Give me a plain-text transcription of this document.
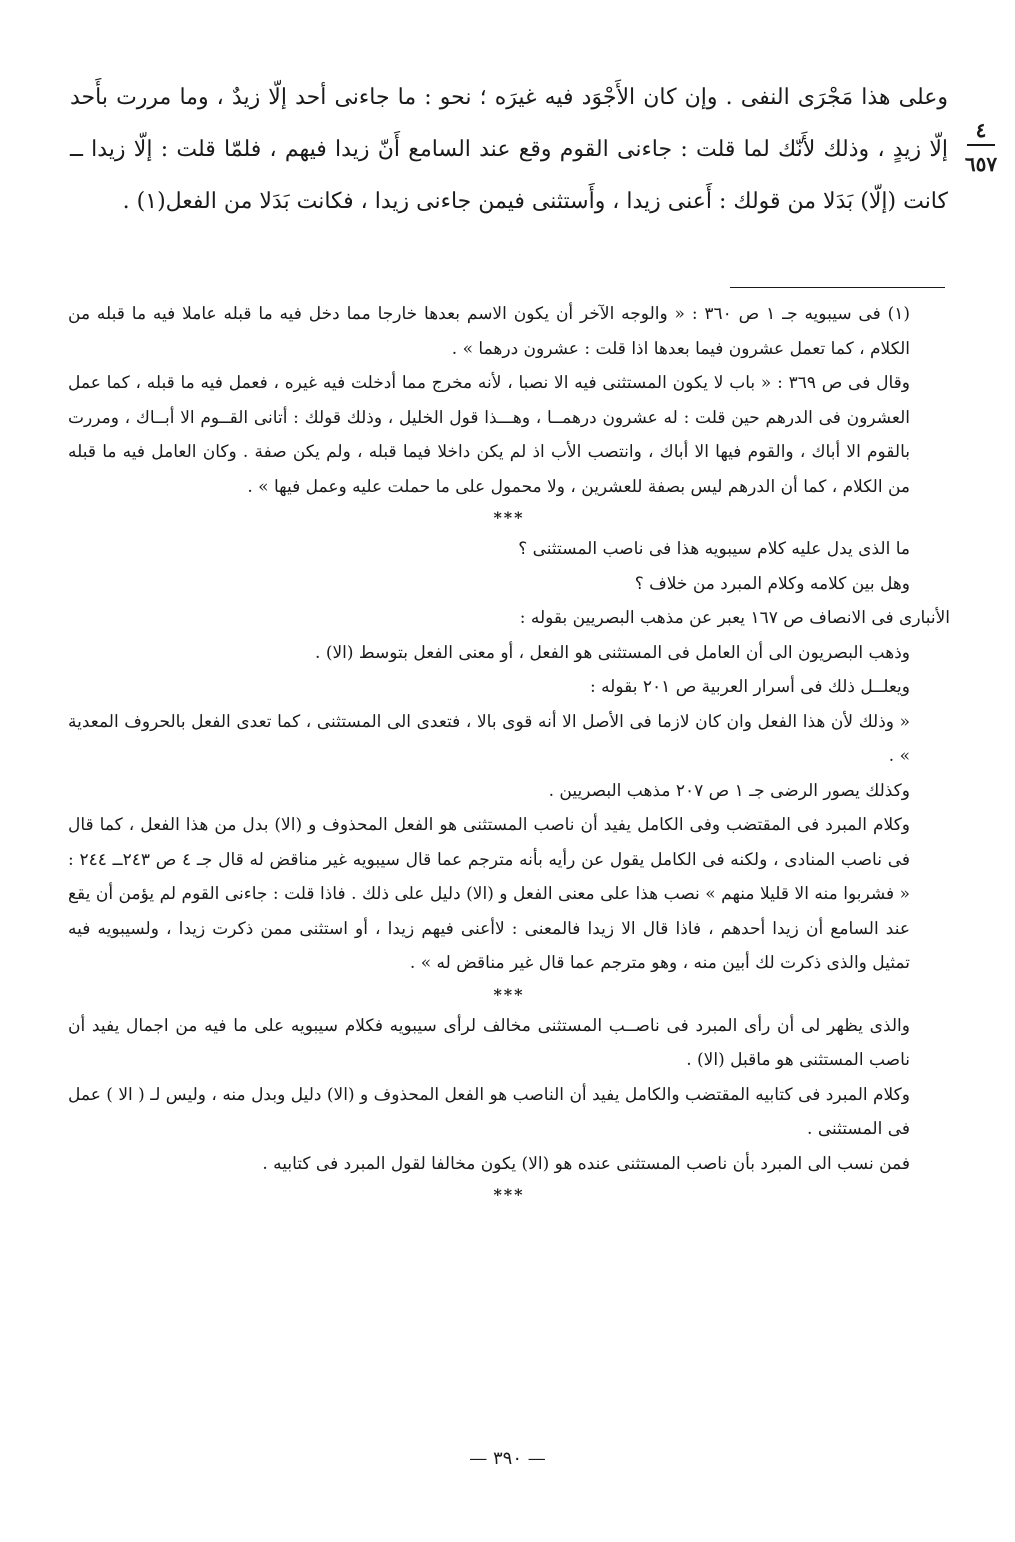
٤
٦٥٧

وعلى هذا مَجْرَى النفى . وإن كان الأَجْوَد فيه غيرَه ؛ نحو : ما جاءنى أحد إلّا زيدٌ ، وما مررت بأَحد إلّا زيدٍ ، وذلك لأَنّك لما قلت : جاءنى القوم وقع عند السامع أَنّ زيدا فيهم ، فلمّا قلت : إلّا زيدا ــ كانت (إلّا) بَدَلا من قولك : أَعنى زيدا ، وأَستثنى فيمن جاءنى زيدا ، فكانت بَدَلا من الفعل(١) .

(١) فى سيبويه جـ ١ ص ٣٦٠ : « والوجه الآخر أن يكون الاسم بعدها خارجا مما دخل فيه ما قبله عاملا فيه ما قبله من الكلام ، كما تعمل عشرون فيما بعدها اذا قلت : عشرون درهما » .

وقال فى ص ٣٦٩ : « باب لا يكون المستثنى فيه الا نصبا ، لأنه مخرج مما أدخلت فيه غيره ، فعمل فيه ما قبله ، كما عمل العشرون فى الدرهم حين قلت : له عشرون درهمــا ، وهـــذا قول الخليل ، وذلك قولك : أتانى القــوم الا أبــاك ، ومررت بالقوم الا أباك ، والقوم فيها الا أباك ، وانتصب الأب اذ لم يكن داخلا فيما قبله ، ولم يكن صفة . وكان العامل فيه ما قبله من الكلام ، كما أن الدرهم ليس بصفة للعشرين ، ولا محمول على ما حملت عليه وعمل فيها » .

***

ما الذى يدل عليه كلام سيبويه هذا فى ناصب المستثنى ؟

وهل بين كلامه وكلام المبرد من خلاف ؟

الأنبارى فى الانصاف ص ١٦٧ يعبر عن مذهب البصريين بقوله :

وذهب البصريون الى أن العامل فى المستثنى هو الفعل ، أو معنى الفعل بتوسط (الا) .

ويعلــل ذلك فى أسرار العربية ص ٢٠١ بقوله :

« وذلك لأن هذا الفعل وان كان لازما فى الأصل الا أنه قوى بالا ، فتعدى الى المستثنى ، كما تعدى الفعل بالحروف المعدية » .

وكذلك يصور الرضى جـ ١ ص ٢٠٧ مذهب البصريين .

وكلام المبرد فى المقتضب وفى الكامل يفيد أن ناصب المستثنى هو الفعل المحذوف و (الا) بدل من هذا الفعل ، كما قال فى ناصب المنادى ، ولكنه فى الكامل يقول عن رأيه بأنه مترجم عما قال سيبويه غير مناقض له قال جـ ٤ ص ٢٤٣ــ ٢٤٤ : « فشربوا منه الا قليلا منهم » نصب هذا على معنى الفعل و (الا) دليل على ذلك . فاذا قلت : جاءنى القوم لم يؤمن أن يقع عند السامع أن زيدا أحدهم ، فاذا قال الا زيدا فالمعنى : لاأعنى فيهم زيدا ، أو استثنى ممن ذكرت زيدا ، ولسيبويه فيه تمثيل والذى ذكرت لك أبين منه ، وهو مترجم عما قال غير مناقض له » .

***

والذى يظهر لى أن رأى المبرد فى ناصــب المستثنى مخالف لرأى سيبويه فكلام سيبويه على ما فيه من اجمال يفيد أن ناصب المستثنى هو ماقبل (الا) .

وكلام المبرد فى كتابيه المقتضب والكامل يفيد أن الناصب هو الفعل المحذوف و (الا) دليل وبدل منه ، وليس لـ ( الا ) عمل فى المستثنى .

فمن نسب الى المبرد بأن ناصب المستثنى عنده هو (الا) يكون مخالفا لقول المبرد فى كتابيه .

***

— ٣٩٠ —
